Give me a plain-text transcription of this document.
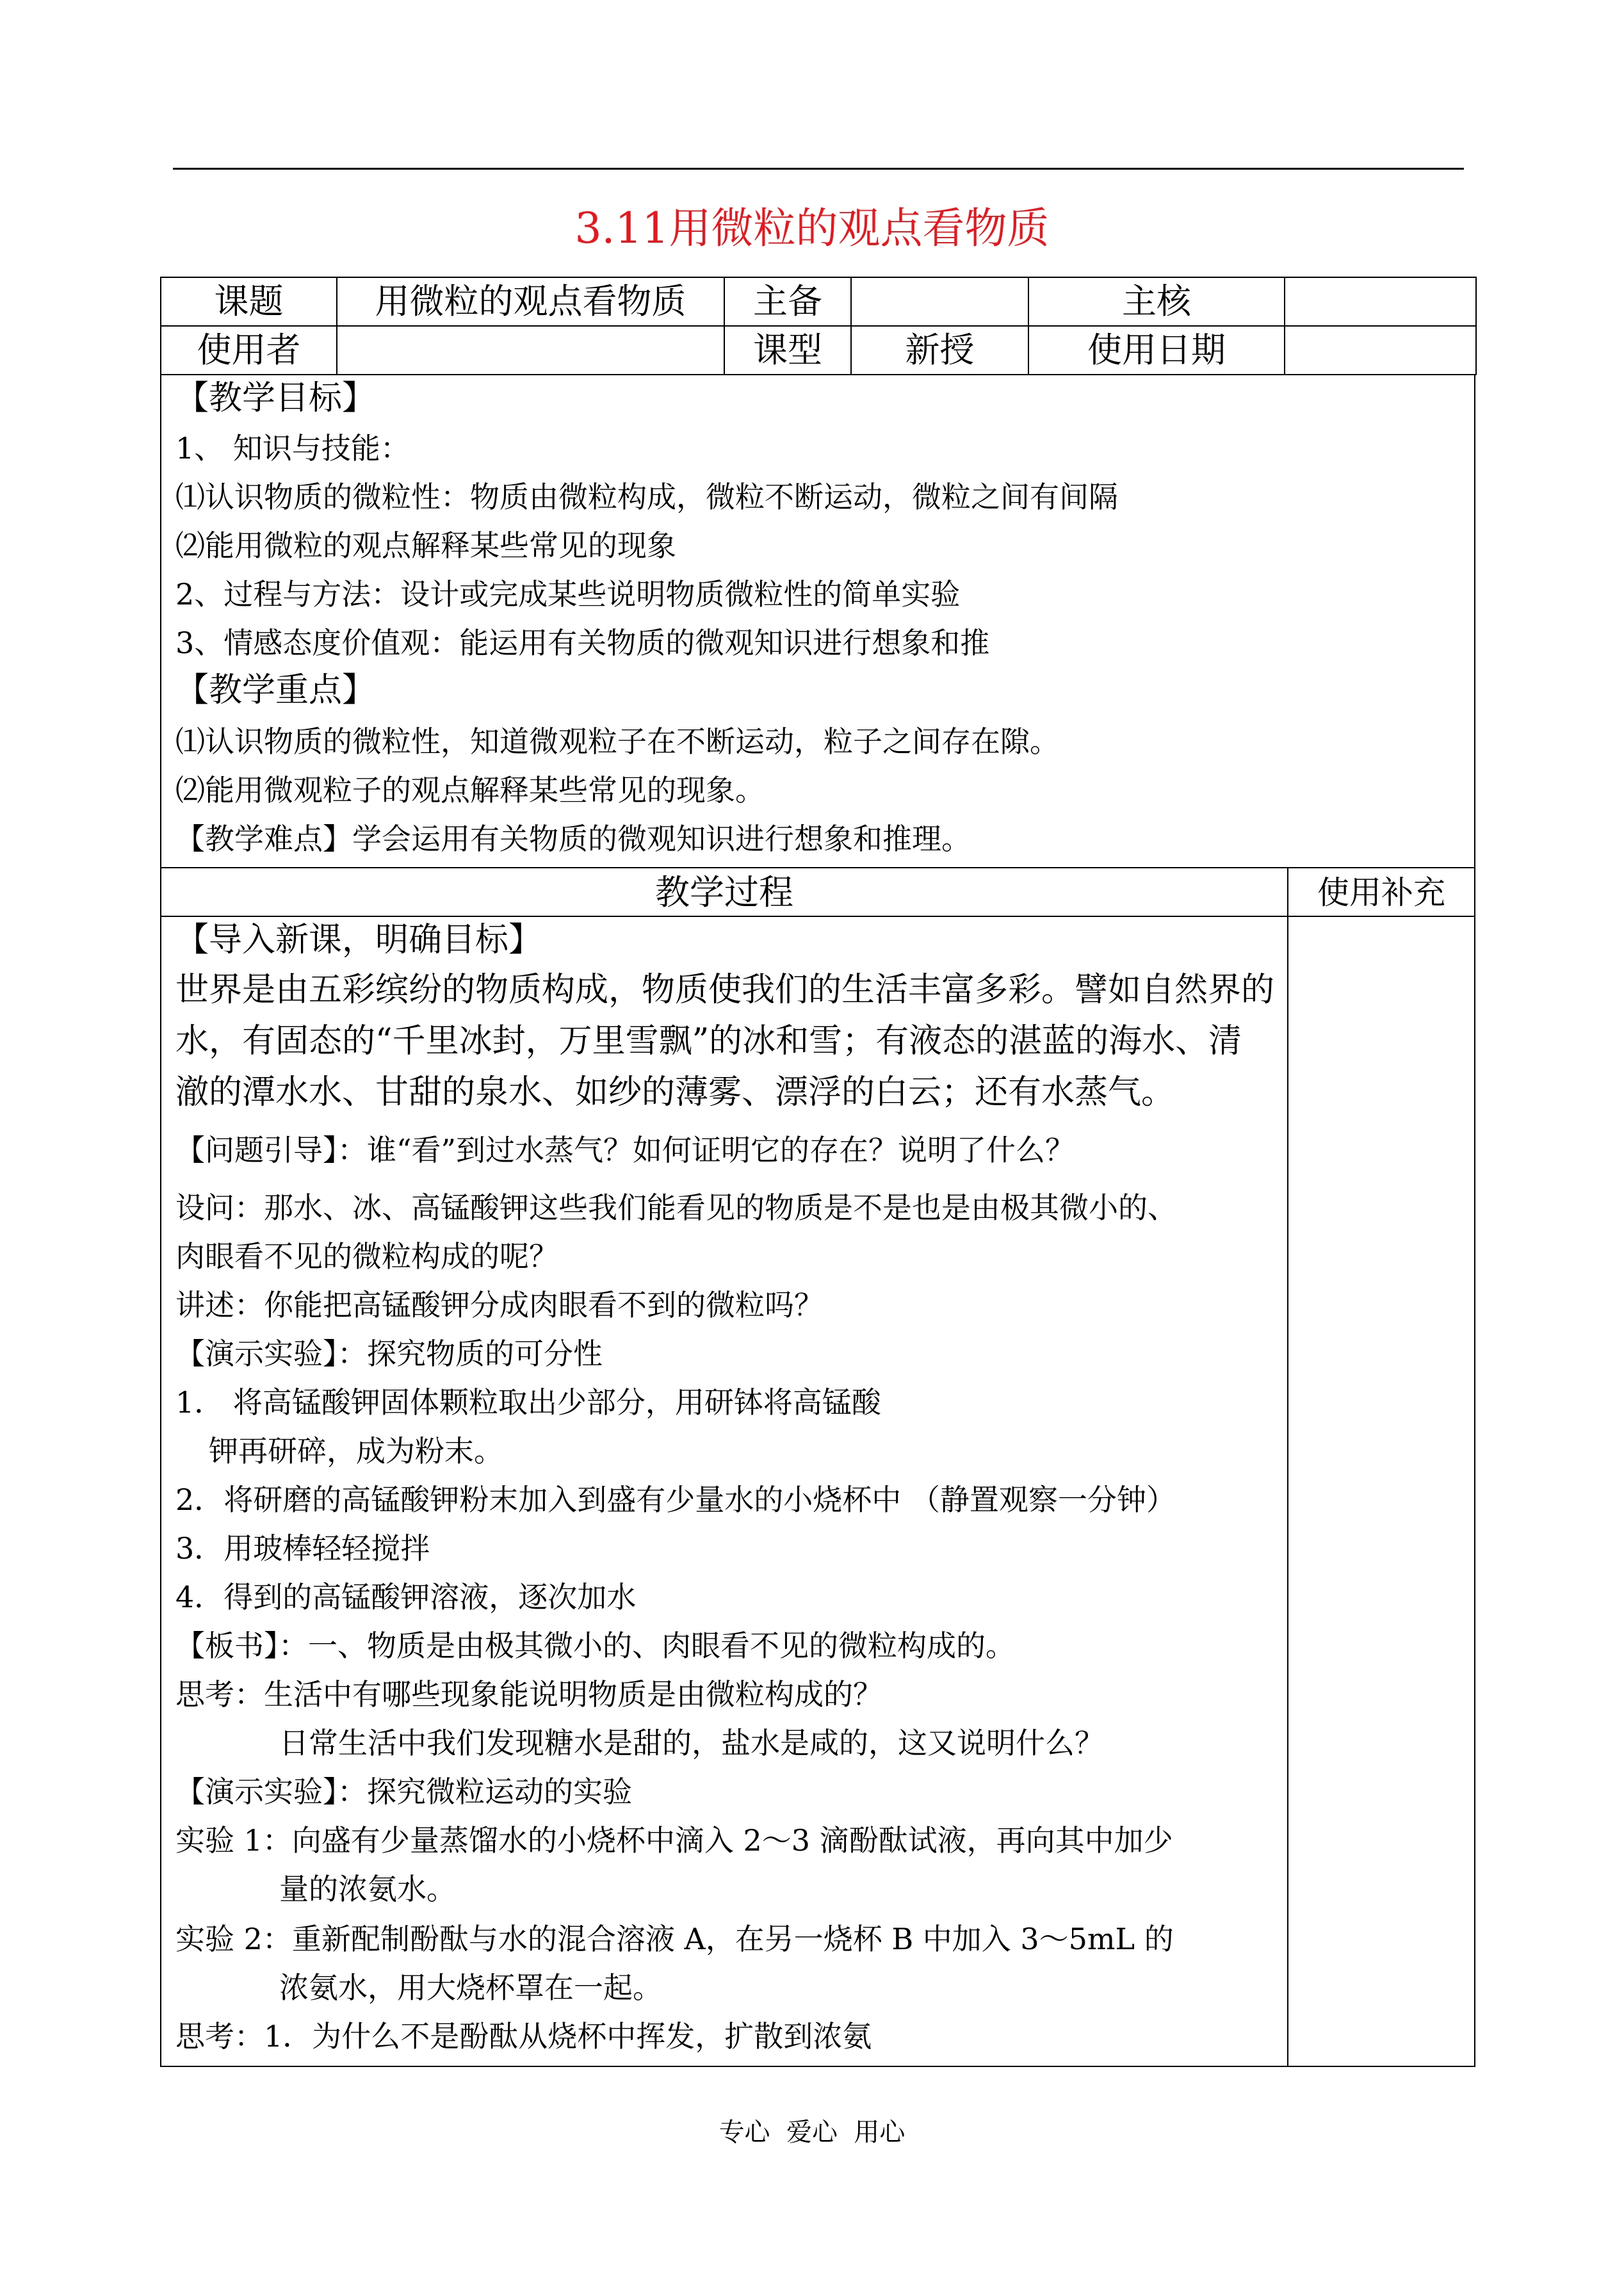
3.11用微粒的观点看物质
课题	用微粒的观点看物质	主备		主核	
使用者		课型	新授	使用日期	
【教学目标】
1、 知识与技能：
⑴认识物质的微粒性：物质由微粒构成，微粒不断运动，微粒之间有间隔
⑵能用微粒的观点解释某些常见的现象
2、过程与方法：设计或完成某些说明物质微粒性的简单实验
3、情感态度价值观：能运用有关物质的微观知识进行想象和推
【教学重点】
⑴认识物质的微粒性，知道微观粒子在不断运动，粒子之间存在隙。
⑵能用微观粒子的观点解释某些常见的现象。
【教学难点】学会运用有关物质的微观知识进行想象和推理。
教学过程	使用补充
【导入新课，明确目标】
世界是由五彩缤纷的物质构成，物质使我们的生活丰富多彩。譬如自然界的
水，有固态的“千里冰封，万里雪飘”的冰和雪；有液态的湛蓝的海水、清
澈的潭水水、甘甜的泉水、如纱的薄雾、漂浮的白云；还有水蒸气。
【问题引导】：谁“看”到过水蒸气？如何证明它的存在？说明了什么？
设问：那水、冰、高锰酸钾这些我们能看见的物质是不是也是由极其微小的、
肉眼看不见的微粒构成的呢？
讲述：你能把高锰酸钾分成肉眼看不到的微粒吗？
【演示实验】：探究物质的可分性
1． 将高锰酸钾固体颗粒取出少部分，用研钵将高锰酸
钾再研碎，成为粉末。
2．将研磨的高锰酸钾粉末加入到盛有少量水的小烧杯中 （静置观察一分钟）
3．用玻棒轻轻搅拌
4．得到的高锰酸钾溶液，逐次加水
【板书】：一、物质是由极其微小的、肉眼看不见的微粒构成的。
思考：生活中有哪些现象能说明物质是由微粒构成的？
日常生活中我们发现糖水是甜的，盐水是咸的，这又说明什么？
【演示实验】：探究微粒运动的实验
实验 1：向盛有少量蒸馏水的小烧杯中滴入 2～3 滴酚酞试液，再向其中加少
量的浓氨水。
实验 2：重新配制酚酞与水的混合溶液 A，在另一烧杯 B 中加入 3～5mL 的
浓氨水，用大烧杯罩在一起。
思考：1．为什么不是酚酞从烧杯中挥发，扩散到浓氨
专心  爱心  用心
